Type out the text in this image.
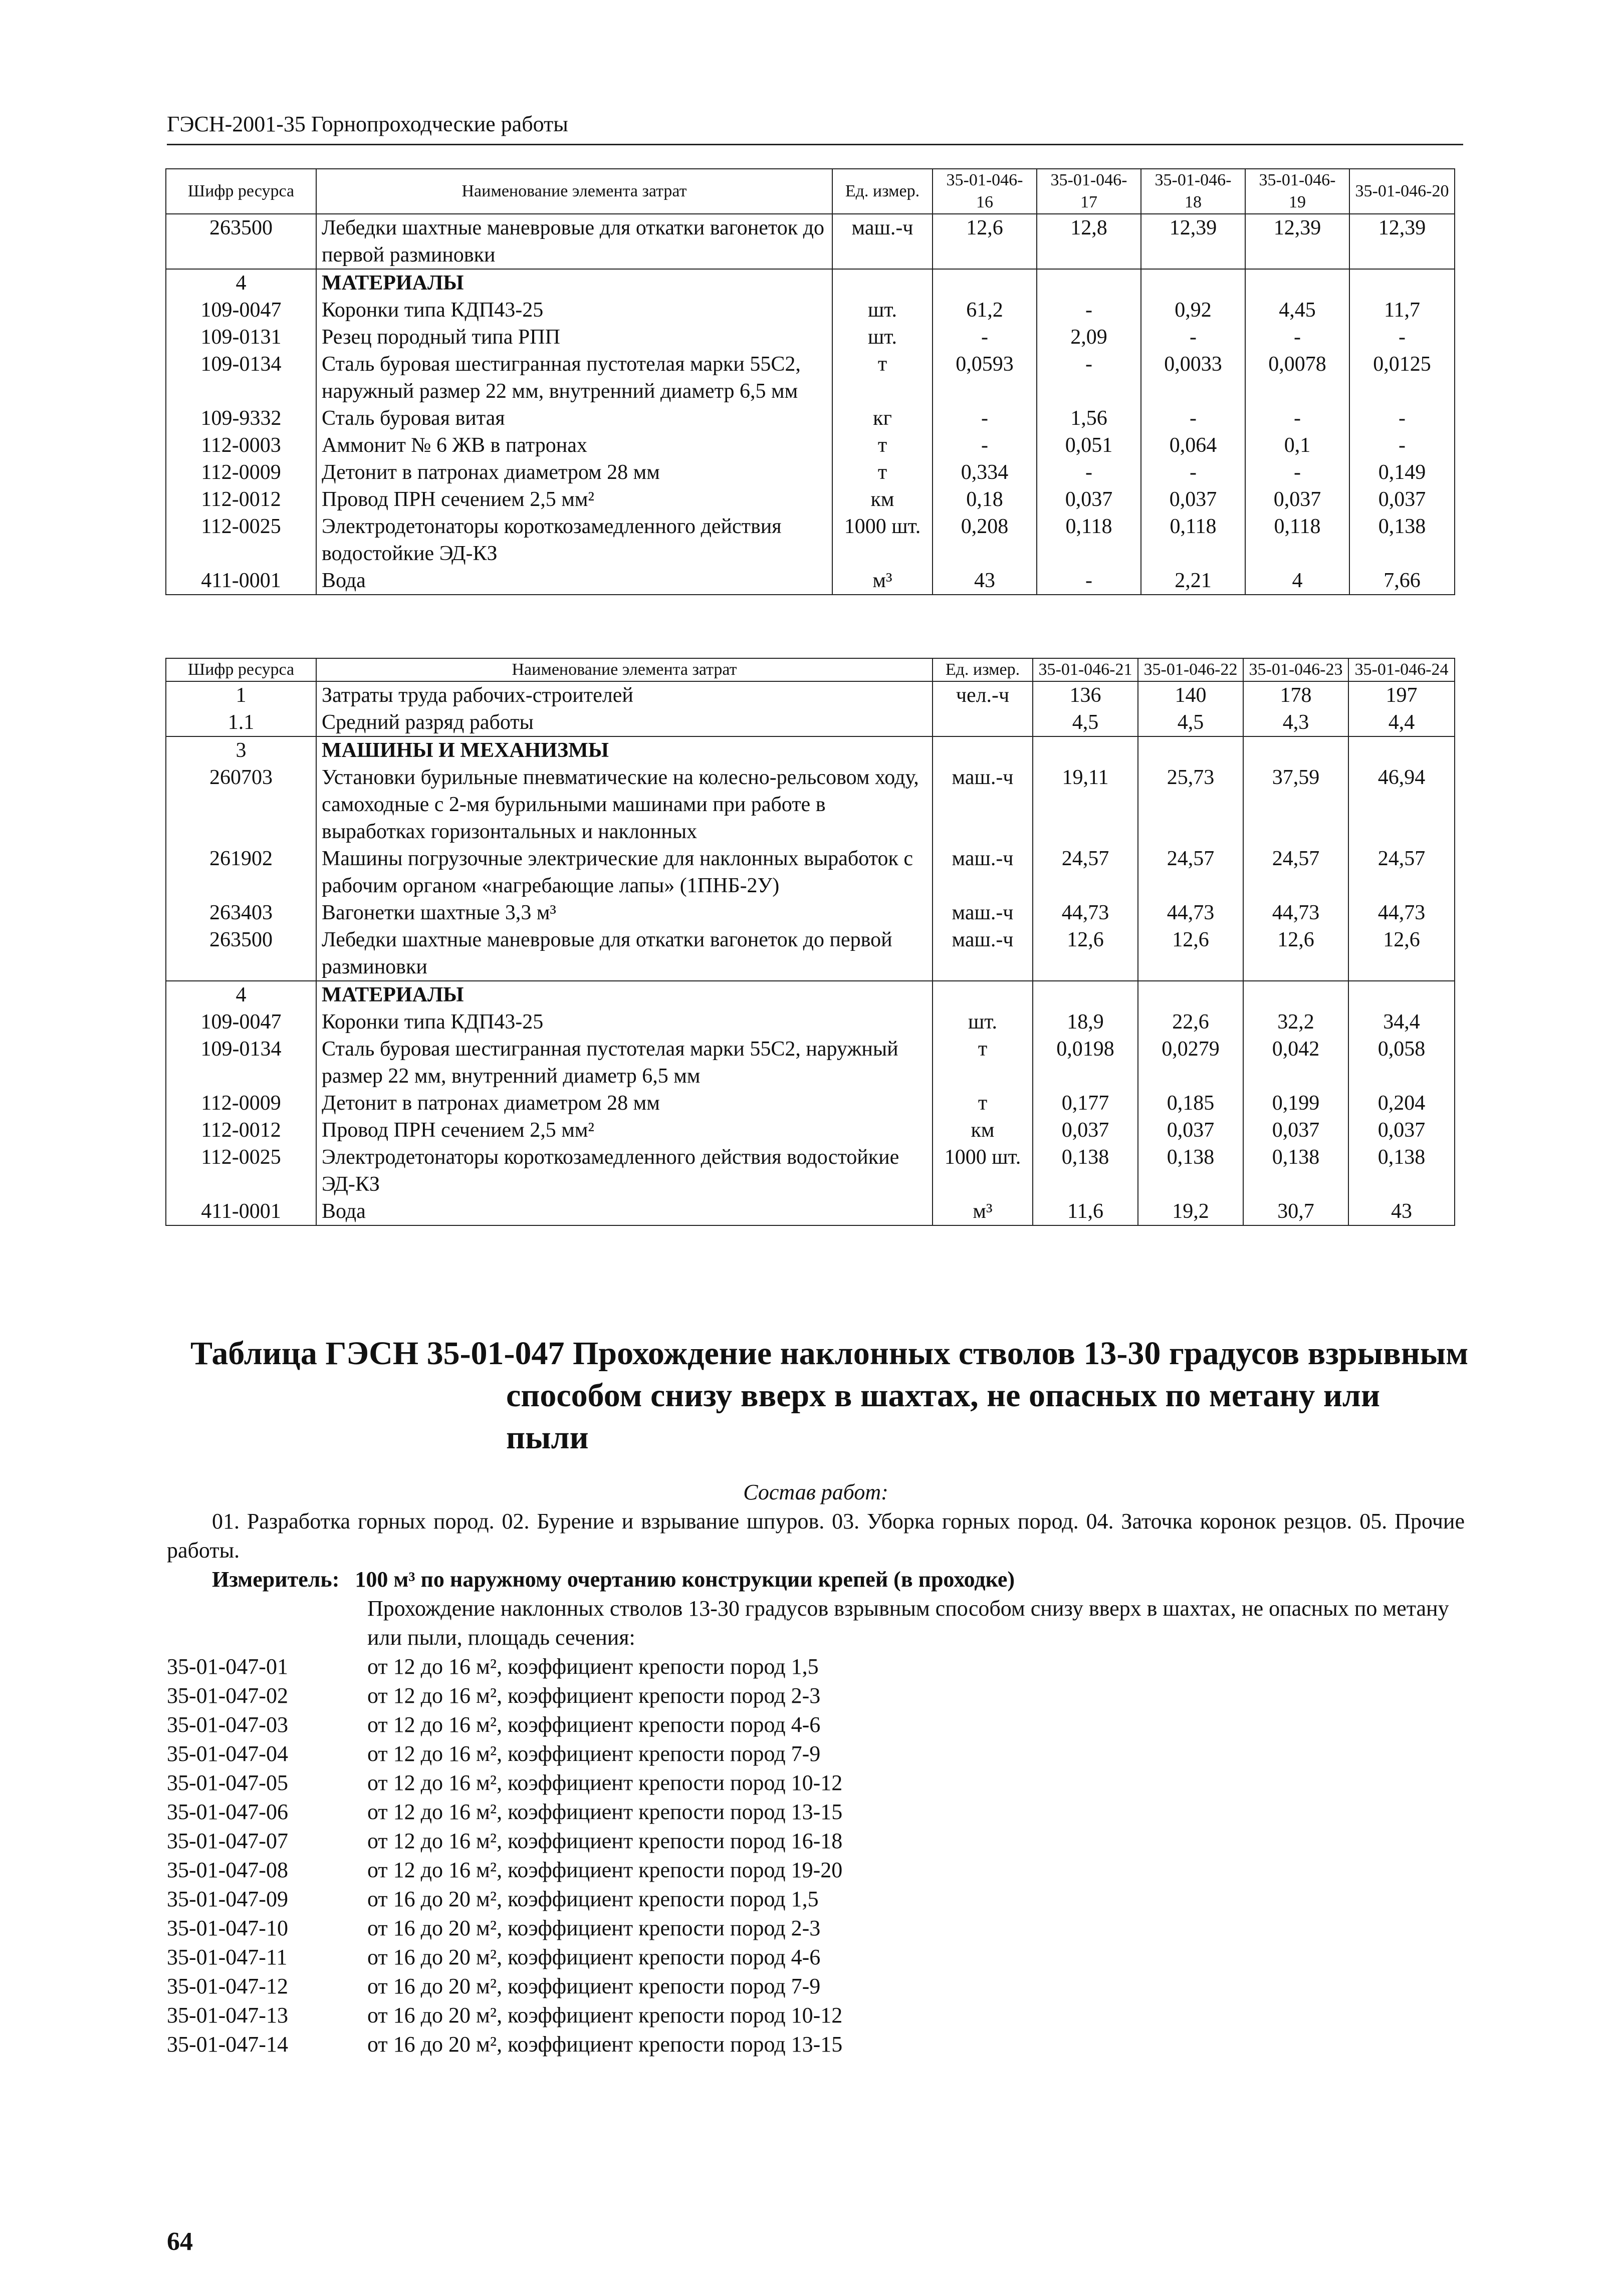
ГЭСН-2001-35 Горнопроходческие работы
Шифр ресурса	Наименование элемента затрат	Ед. измер.	35-01-046-16	35-01-046-17	35-01-046-18	35-01-046-19	35-01-046-20
263500	Лебедки шахтные маневровые для откатки вагонеток до первой разминовки	маш.-ч	12,6	12,8	12,39	12,39	12,39
4	МАТЕРИАЛЫ						
109-0047	Коронки типа КДП43-25	шт.	61,2	-	0,92	4,45	11,7
109-0131	Резец породный типа РПП	шт.	-	2,09	-	-	-
109-0134	Сталь буровая шестигранная пустотелая марки 55С2, наружный размер 22 мм, внутренний диаметр 6,5 мм	т	0,0593	-	0,0033	0,0078	0,0125
109-9332	Сталь буровая витая	кг	-	1,56	-	-	-
112-0003	Аммонит № 6 ЖВ в патронах	т	-	0,051	0,064	0,1	-
112-0009	Детонит в патронах диаметром 28 мм	т	0,334	-	-	-	0,149
112-0012	Провод ПРН сечением 2,5 мм²	км	0,18	0,037	0,037	0,037	0,037
112-0025	Электродетонаторы короткозамедленного действия водостойкие ЭД-КЗ	1000 шт.	0,208	0,118	0,118	0,118	0,138
411-0001	Вода	м³	43	-	2,21	4	7,66
Шифр ресурса	Наименование элемента затрат	Ед. измер.	35-01-046-21	35-01-046-22	35-01-046-23	35-01-046-24
1	Затраты труда рабочих-строителей	чел.-ч	136	140	178	197
1.1	Средний разряд работы		4,5	4,5	4,3	4,4
3	МАШИНЫ И МЕХАНИЗМЫ					
260703	Установки бурильные пневматические на колесно-рельсовом ходу, самоходные с 2-мя бурильными машинами при работе в выработках горизонтальных и наклонных	маш.-ч	19,11	25,73	37,59	46,94
261902	Машины погрузочные электрические для наклонных выработок с рабочим органом «нагребающие лапы» (1ПНБ-2У)	маш.-ч	24,57	24,57	24,57	24,57
263403	Вагонетки шахтные 3,3 м³	маш.-ч	44,73	44,73	44,73	44,73
263500	Лебедки шахтные маневровые для откатки вагонеток до первой разминовки	маш.-ч	12,6	12,6	12,6	12,6
4	МАТЕРИАЛЫ					
109-0047	Коронки типа КДП43-25	шт.	18,9	22,6	32,2	34,4
109-0134	Сталь буровая шестигранная пустотелая марки 55С2, наружный размер 22 мм, внутренний диаметр 6,5 мм	т	0,0198	0,0279	0,042	0,058
112-0009	Детонит в патронах диаметром 28 мм	т	0,177	0,185	0,199	0,204
112-0012	Провод ПРН сечением 2,5 мм²	км	0,037	0,037	0,037	0,037
112-0025	Электродетонаторы короткозамедленного действия водостойкие ЭД-КЗ	1000 шт.	0,138	0,138	0,138	0,138
411-0001	Вода	м³	11,6	19,2	30,7	43
Таблица ГЭСН 35-01-047 Прохождение наклонных стволов 13-30 градусов взрывным
способом снизу вверх в шахтах, не опасных по метану или
пыли
Состав работ:
01. Разработка горных пород. 02. Бурение и взрывание шпуров. 03. Уборка горных пород. 04. Заточка коронок резцов. 05. Прочие работы.
Измеритель: 100 м³ по наружному очертанию конструкции крепей (в проходке)
Прохождение наклонных стволов 13-30 градусов взрывным способом снизу вверх в шахтах, не опасных по метану или пыли, площадь сечения:
35-01-047-01	от 12 до 16 м², коэффициент крепости пород 1,5
35-01-047-02	от 12 до 16 м², коэффициент крепости пород 2-3
35-01-047-03	от 12 до 16 м², коэффициент крепости пород 4-6
35-01-047-04	от 12 до 16 м², коэффициент крепости пород 7-9
35-01-047-05	от 12 до 16 м², коэффициент крепости пород 10-12
35-01-047-06	от 12 до 16 м², коэффициент крепости пород 13-15
35-01-047-07	от 12 до 16 м², коэффициент крепости пород 16-18
35-01-047-08	от 12 до 16 м², коэффициент крепости пород 19-20
35-01-047-09	от 16 до 20 м², коэффициент крепости пород 1,5
35-01-047-10	от 16 до 20 м², коэффициент крепости пород 2-3
35-01-047-11	от 16 до 20 м², коэффициент крепости пород 4-6
35-01-047-12	от 16 до 20 м², коэффициент крепости пород 7-9
35-01-047-13	от 16 до 20 м², коэффициент крепости пород 10-12
35-01-047-14	от 16 до 20 м², коэффициент крепости пород 13-15
64
